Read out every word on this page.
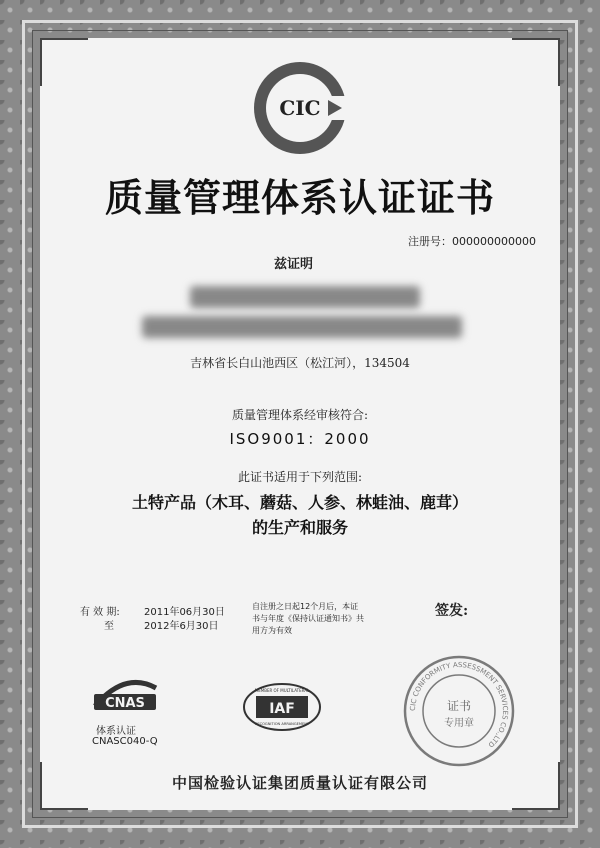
CIC
质量管理体系认证证书
注册号：000000000000
兹证明
吉林省长白山池西区（松江河），134504
质量管理体系经审核符合:
ISO9001：2000
此证书适用于下列范围:
土特产品（木耳、蘑菇、人参、林蛙油、鹿茸）
的生产和服务
有 效 期: 2011年06月30日
至	2012年6月30日
自注册之日起12个月后，本证书与年度《保持认证通知书》共用方为有效
签发:
CNAS
体系认证
CNASC040-Q
MEMBER OF MULTILATERAL
IAF
RECOGNITION ARRANGEMENT
CIC CONFORMITY ASSESSMENT SERVICES CO.,LTD
证书
专用章
中国检验认证集团质量认证有限公司
